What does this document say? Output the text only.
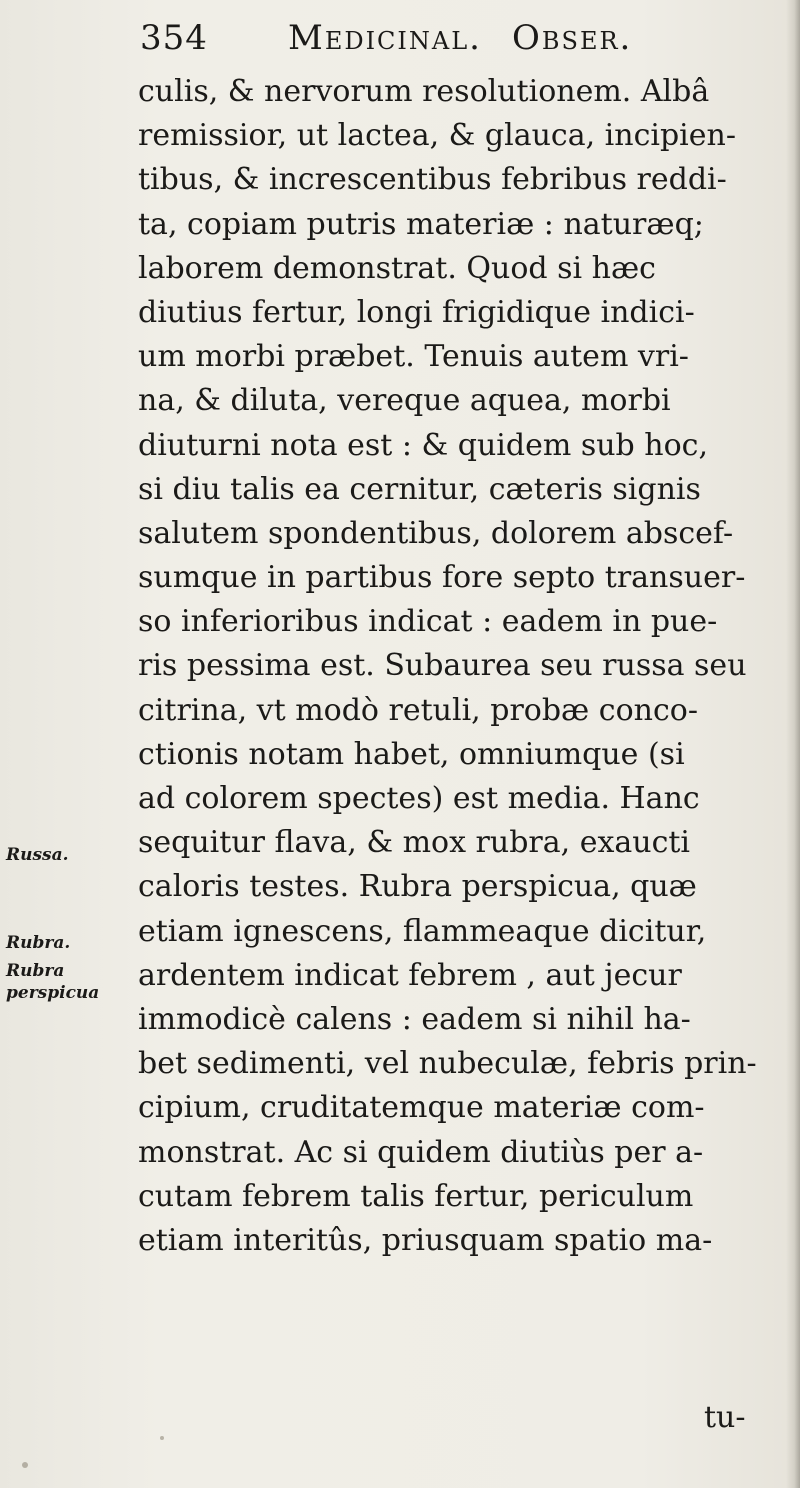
354 Medicinal. Obser.
culis, & nervorum resolutionem. Albâ
remissior, ut lactea, & glauca, incipien-
tibus, & increscentibus febribus reddi-
ta, copiam putris materiæ : naturæq;
laborem demonstrat. Quod si hæc
diutius fertur, longi frigidique indici-
um morbi præbet. Tenuis autem vri-
na, & diluta, vereque aquea, morbi
diuturni nota est : & quidem sub hoc,
si diu talis ea cernitur, cæteris signis
salutem spondentibus, dolorem abscef-
sumque in partibus fore septo transuer-
so inferioribus indicat : eadem in pue-
ris pessima est. Subaurea seu russa seu
citrina, vt modò retuli, probæ conco-
ctionis notam habet, omniumque (si
ad colorem spectes) est media. Hanc
sequitur flava, & mox rubra, exaucti
caloris testes. Rubra perspicua, quæ
etiam ignescens, flammeaque dicitur,
ardentem indicat febrem , aut jecur
immodicè calens : eadem si nihil ha-
bet sedimenti, vel nubeculæ, febris prin-
cipium, cruditatemque materiæ com-
monstrat. Ac si quidem diutiùs per a-
cutam febrem talis fertur, periculum
etiam interitûs, priusquam spatio ma-
Russa.
Rubra.
Rubra
perspicua
tu-
